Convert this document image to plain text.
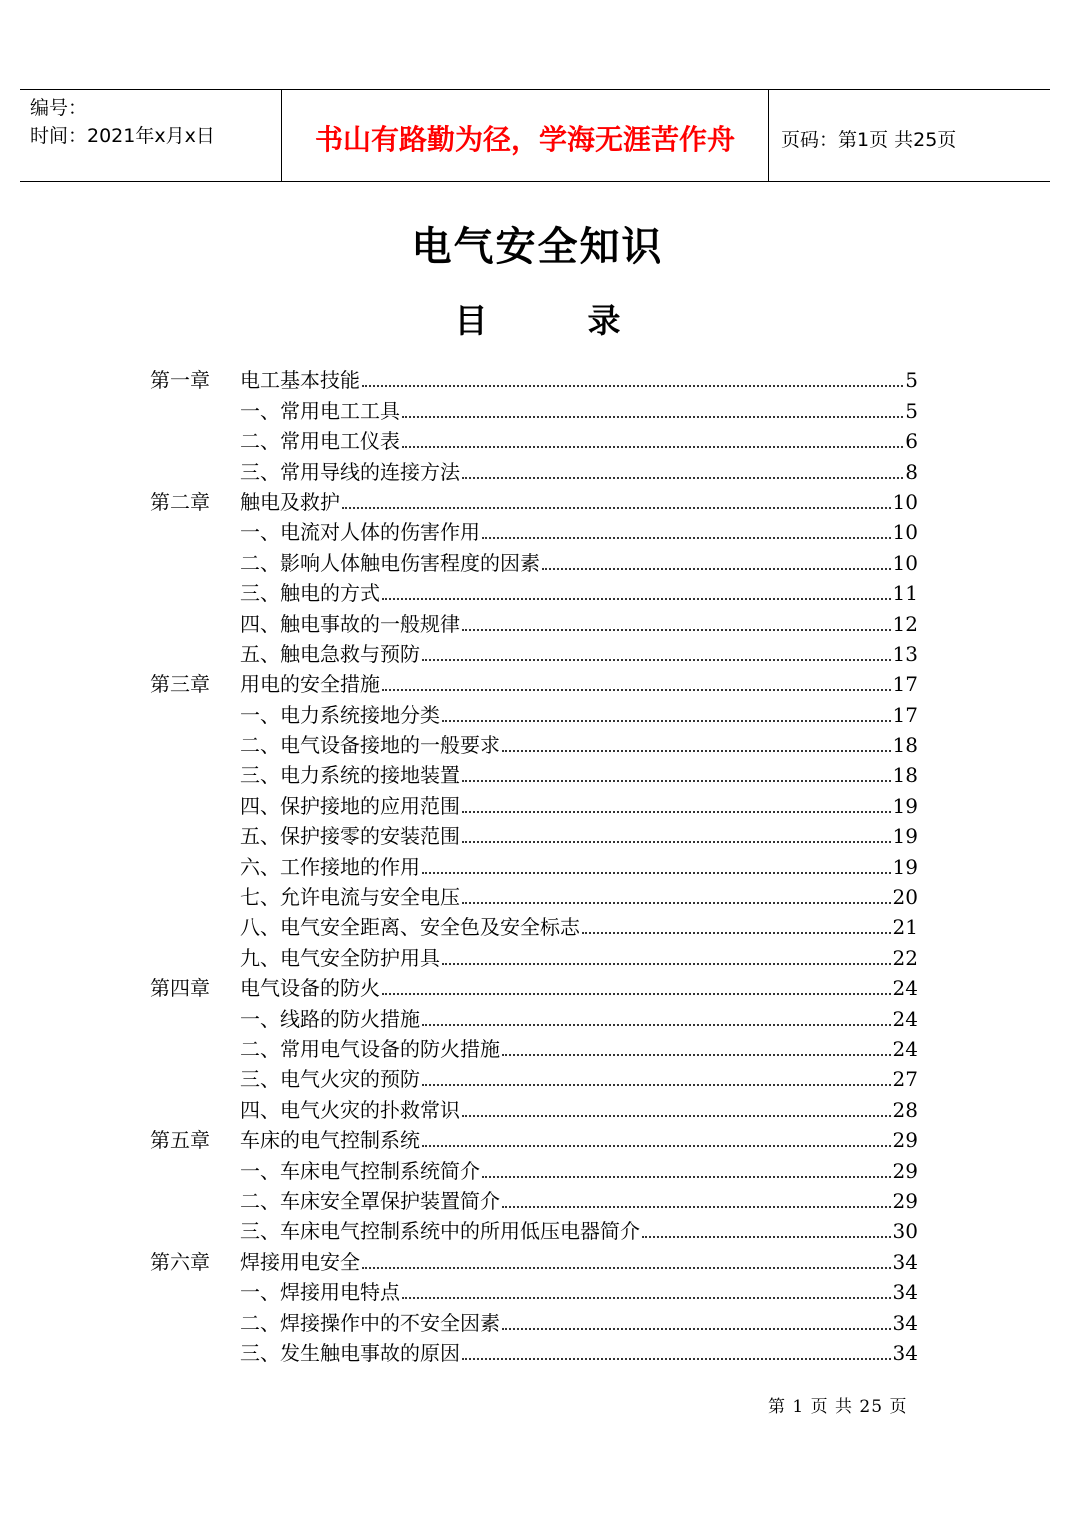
编号：
时间：2021年x月x日	书山有路勤为径，学海无涯苦作舟	页码：第1页 共25页
电气安全知识
目	录
第一章	电工基本技能	5
一、常用电工工具	5
二、常用电工仪表	6
三、常用导线的连接方法	8
第二章	触电及救护	10
一、电流对人体的伤害作用	10
二、影响人体触电伤害程度的因素	10
三、触电的方式	11
四、触电事故的一般规律	12
五、触电急救与预防	13
第三章	用电的安全措施	17
一、电力系统接地分类	17
二、电气设备接地的一般要求	18
三、电力系统的接地装置	18
四、保护接地的应用范围	19
五、保护接零的安装范围	19
六、工作接地的作用	19
七、允许电流与安全电压	20
八、电气安全距离、安全色及安全标志	21
九、电气安全防护用具	22
第四章	电气设备的防火	24
一、线路的防火措施	24
二、常用电气设备的防火措施	24
三、电气火灾的预防	27
四、电气火灾的扑救常识	28
第五章	车床的电气控制系统	29
一、车床电气控制系统简介	29
二、车床安全罩保护装置简介	29
三、车床电气控制系统中的所用低压电器简介	30
第六章	焊接用电安全	34
一、焊接用电特点	34
二、焊接操作中的不安全因素	34
三、发生触电事故的原因	34
第 1 页 共 25 页
